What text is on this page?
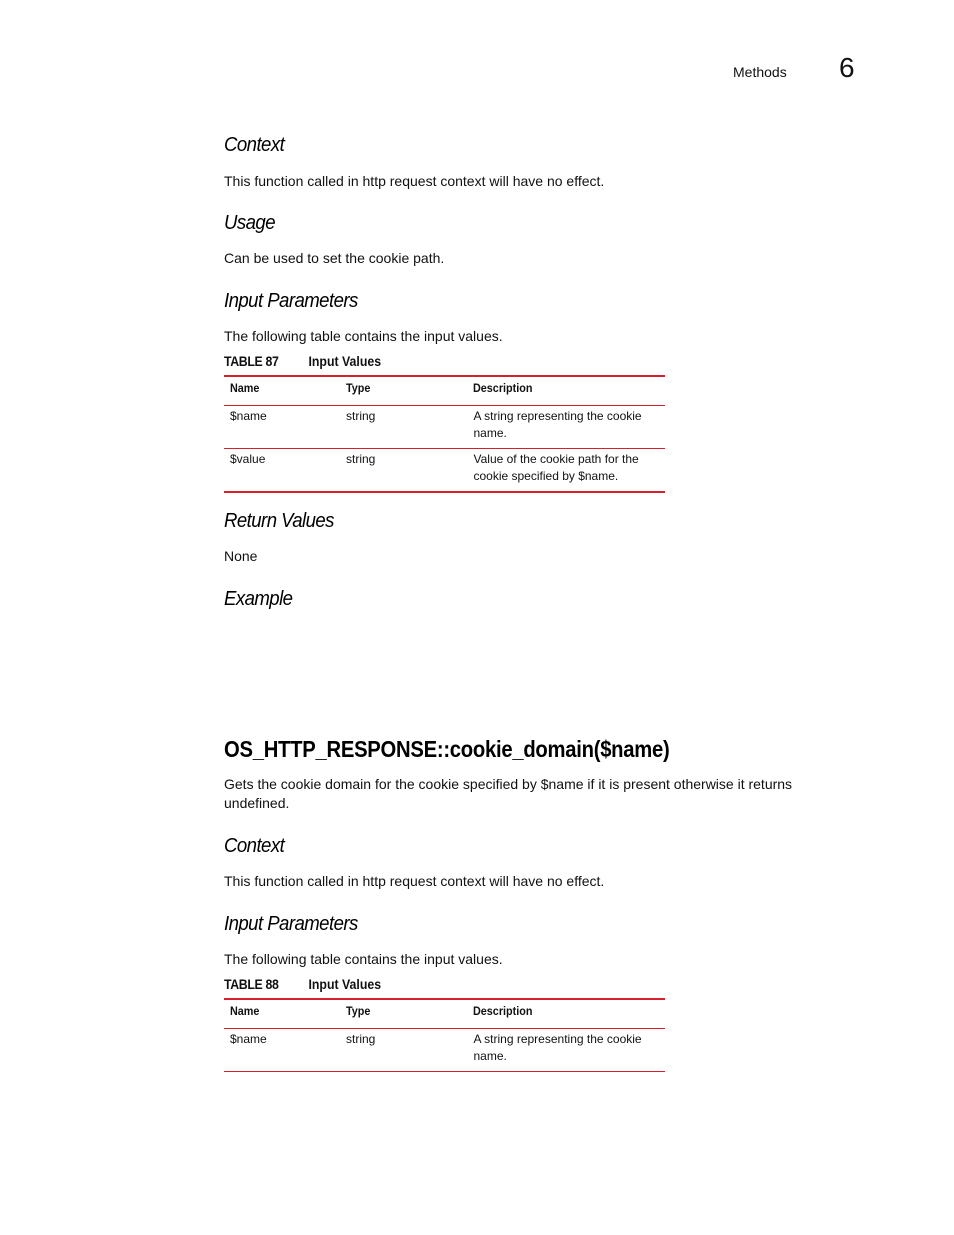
Methods 6
Context
This function called in http request context will have no effect.
Usage
Can be used to set the cookie path.
Input Parameters
The following table contains the input values.
TABLE 87 Input Values
Name	Type	Description
$name	string	A string representing the cookie name.
$value	string	Value of the cookie path for the cookie specified by $name.
Return Values
None
Example
OS_HTTP_RESPONSE::cookie_domain($name)
Gets the cookie domain for the cookie specified by $name if it is present otherwise it returns undefined.
Context
This function called in http request context will have no effect.
Input Parameters
The following table contains the input values.
TABLE 88 Input Values
Name	Type	Description
$name	string	A string representing the cookie name.
